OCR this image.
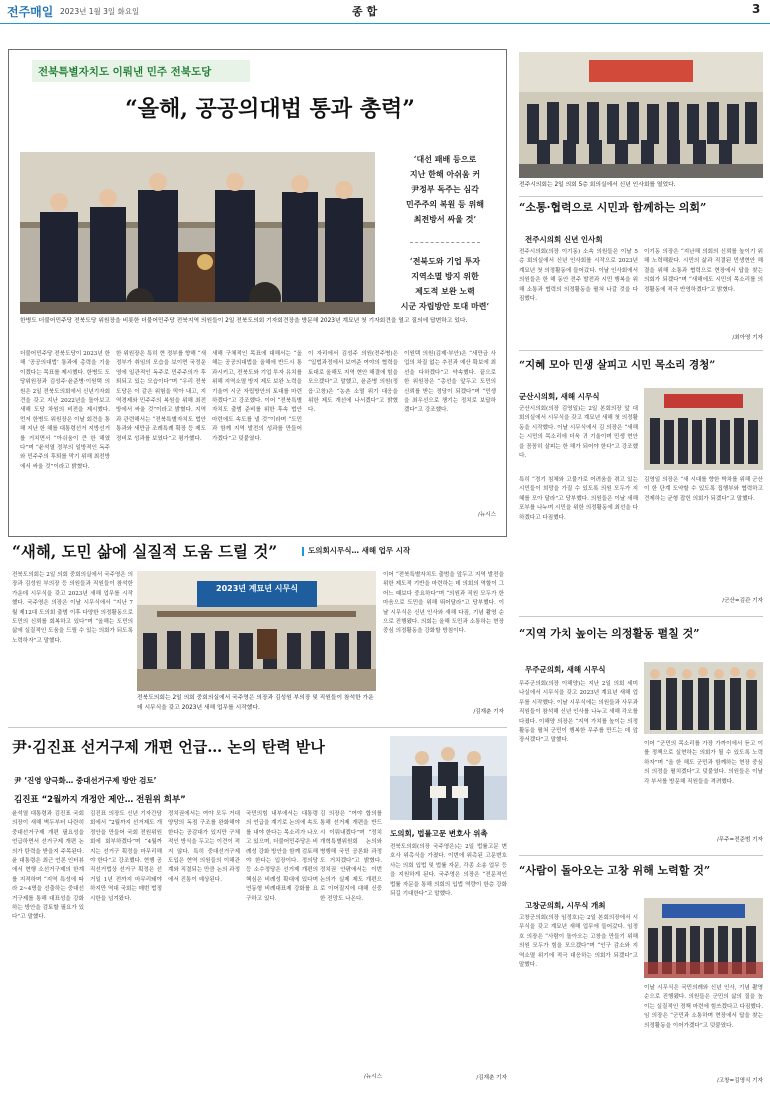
전주매일 2023년 1월 3일 화요일	종 합	3
전북특별자치도 이뤄낸 민주 전북도당
“올해, 공공의대법 통과 총력”
한병도 더불어민주당 전북도당 위원장을 비롯한 더불어민주당 전북지역 의원들이 2일 전북도의회 기자회견장을 방문해 2023년 계묘년 첫 기자회견을 열고 질의에 답변하고 있다.
‘대선 패배 등으로
지난 한해 아쉬움 커
尹정부 독주는 심각
민주주의 복원 등 위해
최전방서 싸울 것’
‘전북도와 기업 투자
지역소멸 방지 위한
제도적 보완 노력
시군 자립방안 토대 마련’
더불어민주당 전북도당이 2023년 한 해 ‘공공의대법’ 통과에 총력을 기울이겠다는 목표를 제시했다. 한병도 도당위원장과 김성주·윤준병·이원택 의원은 2일 전북도의회에서 신년기자회견을 갖고 지난 2022년을 돌아보고 새해 도당 차원의 비전을 제시했다. 먼저 한병도 위원장은 이날 회견을 통해 지난 한 해를 대통령선거 지방선거를 거치면서 “아쉬움이 큰 한 해였다”며 “윤석열 정부의 일방적인 독주와 민주주의 후퇴를 막기 위해 최전방에서 싸울 것”이라고 밝혔다.
한 위원장은 특히 현 정부를 향해 “새 정부가 취임의 모습을 보이면 국정운영에 일관적인 독주로 민주주의가 후퇴되고 있는 모습이다”며 “우리 전북도당은 이 같은 위험을 막아 내고, 지역경제와 민주주의 복원을 위해 최전방에서 싸울 것”이라고 밝혔다. 지역과 관련해서는 “전북특별자치도 법안 통과와 새만금 조례특례 확장 등 제도 정비로 성과를 보였다”고 평가했다.
새해 구체적인 목표에 대해서는 “올해는 공공의대법을 올해에 반드시 통과시키고, 전북도와 기업 투자 유치를 위해 지역소멸 방지 제도 보완 노력을 기울여 시군 자립방안의 토대를 마련하겠다”고 강조했다. 이어 “전북특별자치도 출범 준비를 위한 후속 법안 마련에도 속도를 낼 것”이라며 “도민과 함께 지역 발전의 성과를 만들어 가겠다”고 덧붙였다.
이 자리에서 김성주 의원(전주병)은 “입법과정에서 보여준 여야의 협력을 토대로 올해도 지역 현안 해결에 힘을 모으겠다”고 말했고, 윤준병 의원(정읍·고창)은 “농촌 소멸 위기 대응을 위한 제도 개선에 나서겠다”고 밝혔다.
이원택 의원(김제·부안)은 “새만금 사업의 차질 없는 추진과 예산 확보에 최선을 다하겠다”고 약속했다. 끝으로 한 위원장은 “총선을 앞두고 도민의 신뢰를 받는 정당이 되겠다”며 “민생을 최우선으로 챙기는 정치로 보답하겠다”고 강조했다.
/뉴시스
전주시의회는 2일 의회 5층 회의실에서 신년 인사회를 열었다.
“소통·협력으로 시민과 함께하는 의회”
전주시의회 신년 인사회
전주시의회(의장 이기동) 소속 의원들은 이날 5층 회의실에서 신년 인사회를 시작으로 2023년 계묘년 첫 의정활동에 들어갔다. 이날 인사회에서 의원들은 한 해 동안 전주 발전과 시민 행복을 위해 소통과 협력의 의정활동을 펼쳐 나갈 것을 다짐했다.
이기동 의장은 “지난해 의회의 신뢰를 높이기 위해 노력해왔다. 시민의 삶과 직결된 민생현안 해결을 위해 소통과 협력으로 현장에서 답을 찾는 의회가 되겠다”며 “새해에도 시민의 목소리를 의정활동에 적극 반영하겠다”고 밝혔다.
/최아영 기자
“지혜 모아 민생 살피고 시민 목소리 경청”
군산시의회, 새해 시무식
군산시의회(의장 김영일)는 2일 본회의장 앞 대회의실에서 시무식을 갖고 계묘년 새해 첫 의정활동을 시작했다. 이날 시무식에서 김 의장은 “새해는 시민의 목소리에 더욱 귀 기울이며 민생 현안을 꼼꼼히 살피는 한 해가 되어야 한다”고 강조했다.
특히 “경기 침체와 고물가로 어려움을 겪고 있는 시민들이 희망을 가질 수 있도록 의원 모두가 지혜를 모아 달라”고 당부했다. 의원들은 이날 새해 포부를 나누며 시민을 위한 의정활동에 최선을 다하겠다고 다짐했다.
김영일 의장은 “새 시대를 향한 박차를 위해 군산이 한 단계 도약할 수 있도록 집행부와 협력하고 견제하는 균형 잡힌 의회가 되겠다”고 말했다.
/군산=김관 기자
“지역 가치 높이는 의정활동 펼칠 것”
무주군의회, 새해 시무식
무주군의회(의장 이해양)는 지난 2일 의회 세미나실에서 시무식을 갖고 2023년 계묘년 새해 업무를 시작했다. 이날 시무식에는 의원들과 사무과 직원들이 참석해 신년 인사를 나누고 새해 각오를 다졌다. 이해양 의장은 “지역 가치를 높이는 의정활동을 펼쳐 군민이 행복한 무주를 만드는 데 앞장서겠다”고 말했다.
이어 “군민의 목소리를 가장 가까이에서 듣고 이를 정책으로 실현하는 의회가 될 수 있도록 노력하자”며 “올 한 해도 군민과 함께하는 현장 중심의 의정을 펼치겠다”고 덧붙였다. 의원들은 이날 각 부서를 방문해 직원들을 격려했다.
/무주=전준범 기자
“사람이 돌아오는 고창 위해 노력할 것”
고창군의회, 시무식 개최
고창군의회(의장 임정호)는 2일 본회의장에서 시무식을 갖고 계묘년 새해 업무에 들어갔다. 임정호 의장은 “사람이 돌아오는 고창을 만들기 위해 의원 모두가 힘을 모으겠다”며 “인구 감소와 지역소멸 위기에 적극 대응하는 의회가 되겠다”고 말했다.
이날 시무식은 국민의례와 신년 인사, 기념 촬영 순으로 진행됐다. 의원들은 군민의 삶의 질을 높이는 실질적인 정책 마련에 힘쓰겠다고 다짐했다. 임 의장은 “군민과 소통하며 현장에서 답을 찾는 의정활동을 이어가겠다”고 덧붙였다.
/고창=김영식 기자
“새해, 도민 삶에 실질적 도움 드릴 것”	도의회시무식… 새해 업무 시작
전북도의회는 2일 의회 중회의실에서 국주영은 의장과 김성원 부의장 등 의원들과 직원들이 참석한 가운데 시무식을 갖고 2023년 새해 업무를 시작했다. 국주영은 의장은 이날 시무식에서 “지난 7월 제12대 도의회 출범 이후 다양한 의정활동으로 도민의 신뢰를 회복하고 있다”며 “올해는 도민의 삶에 실질적인 도움을 드릴 수 있는 의회가 되도록 노력하자”고 말했다.
2023년 계묘년 시무식
전북도의회는 2일 의회 중회의실에서 국주영은 의장과 김성원 부의장 및 직원들이 참석한 가운데 시무식을 갖고 2023년 새해 업무를 시작했다.
이어 “전북특별자치도 출범을 앞두고 지역 발전을 위한 제도적 기반을 마련하는 데 의회의 역할이 그 어느 때보다 중요하다”며 “의원과 직원 모두가 한마음으로 도민을 위해 뛰어달라”고 당부했다. 이날 시무식은 신년 인사와 새해 다짐, 기념 촬영 순으로 진행됐다. 의회는 올해 도민과 소통하는 현장 중심 의정활동을 강화할 방침이다.
/김재춘 기자
尹·김진표 선거구제 개편 언급… 논의 탄력 받나
尹 ‘진영 양극화… 중대선거구제 방안 검토’
김진표 “2월까지 개정안 제안… 전원위 회부”
윤석열 대통령과 김진표 국회의장이 새해 벽두부터 나란히 중대선거구제 개편 필요성을 언급하면서 선거구제 개편 논의가 탄력을 받을지 주목된다. 윤 대통령은 최근 언론 인터뷰에서 현행 소선거구제의 한계를 지적하며 “지역 특성에 따라 2~4명을 선출하는 중대선거구제를 통해 대표성을 강화하는 방안을 검토할 필요가 있다”고 말했다.
김진표 의장도 신년 기자간담회에서 “2월까지 선거제도 개정안을 만들어 국회 전원위원회에 회부하겠다”며 “4월까지는 선거구 획정을 마무리해야 한다”고 강조했다. 현행 공직선거법상 선거구 획정은 선거일 1년 전까지 마무리돼야 하지만 역대 국회는 매번 법정시한을 넘겨왔다.
정치권에서는 여야 모두 거대 양당의 독점 구조를 완화해야 한다는 공감대가 있지만 구체적인 방식을 두고는 이견이 적지 않다. 특히 중대선거구제 도입은 현역 의원들의 이해관계와 직결되는 만큼 논의 과정에서 진통이 예상된다.
국민의힘 내부에서는 대통령의 언급을 계기로 논의에 속도를 내야 한다는 목소리가 나오고 있으며, 더불어민주당은 비례성 강화 방안을 함께 검토해야 한다는 입장이다. 정의당 등 소수정당은 선거제 개편의 핵심은 비례성 확대에 있다며 연동형 비례대표제 강화를 요구하고 있다.
김 의장은 “여야 합의를 통해 선거제 개편을 반드시 이뤄내겠다”며 “정치개혁특별위원회 논의와 병행해 국민 공론화 과정도 거치겠다”고 밝혔다. 정치권 안팎에서는 이번 논의가 실제 제도 개편으로 이어질지에 대해 신중한 전망도 나온다.
/뉴시스
도의회, 법률고문 변호사 위촉
전북도의회(의장 국주영은)는 2일 법률고문 변호사 위촉식을 가졌다. 이번에 위촉된 고문변호사는 의회 입법 및 법률 자문, 각종 소송 업무 등을 지원하게 된다. 국주영은 의장은 “전문적인 법률 자문을 통해 의회의 입법 역량이 한층 강화되길 기대한다”고 말했다.
/김재춘 기자
